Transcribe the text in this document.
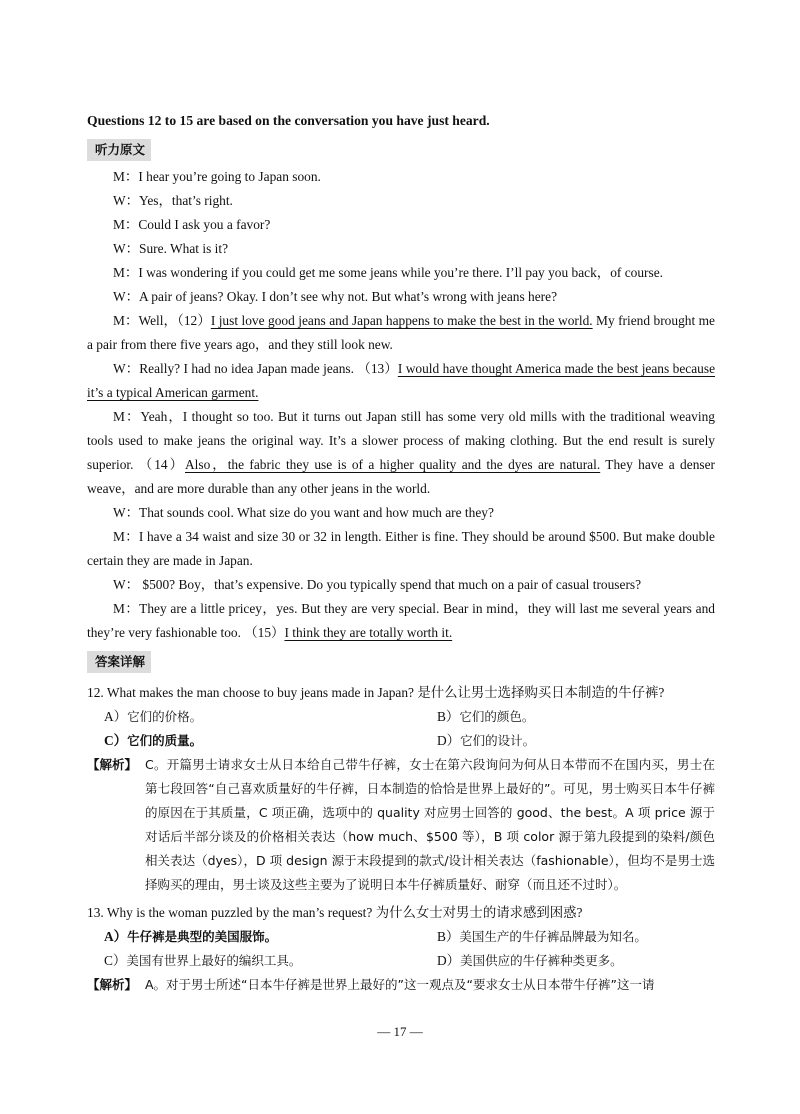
Questions 12 to 15 are based on the conversation you have just heard.
听力原文

M：I hear you’re going to Japan soon.

W：Yes，that’s right.

M：Could I ask you a favor?

W：Sure. What is it?

M：I was wondering if you could get me some jeans while you’re there. I’ll pay you back，of course.

W：A pair of jeans? Okay. I don’t see why not. But what’s wrong with jeans here?

M：Well，（12）I just love good jeans and Japan happens to make the best in the world. My friend brought me a pair from there five years ago，and they still look new.

W：Really? I had no idea Japan made jeans. （13）I would have thought America made the best jeans because it’s a typical American garment.

M：Yeah，I thought so too. But it turns out Japan still has some very old mills with the traditional weaving tools used to make jeans the original way. It’s a slower process of making clothing. But the end result is surely superior. （14）Also，the fabric they use is of a higher quality and the dyes are natural. They have a denser weave，and are more durable than any other jeans in the world.

W：That sounds cool. What size do you want and how much are they?

M：I have a 34 waist and size 30 or 32 in length. Either is fine. They should be around $500. But make double certain they are made in Japan.

W： $500? Boy，that’s expensive. Do you typically spend that much on a pair of casual trousers?

M：They are a little pricey，yes. But they are very special. Bear in mind，they will last me several years and they’re very fashionable too. （15）I think they are totally worth it.

答案详解
12. What makes the man choose to buy jeans made in Japan? 是什么让男士选择购买日本制造的牛仔裤?
A）它们的价格。	B）它们的颜色。
C）它们的质量。	D）它们的设计。
【解析】 C。开篇男士请求女士从日本给自己带牛仔裤，女士在第六段询问为何从日本带而不在国内买，男士在第七段回答“自己喜欢质量好的牛仔裤，日本制造的恰恰是世界上最好的”。可见，男士购买日本牛仔裤的原因在于其质量，C 项正确，选项中的 quality 对应男士回答的 good、the best。A 项 price 源于对话后半部分谈及的价格相关表达（how much、$500 等），B 项 color 源于第九段提到的染料/颜色相关表达（dyes），D 项 design 源于末段提到的款式/设计相关表达（fashionable），但均不是男士选择购买的理由，男士谈及这些主要为了说明日本牛仔裤质量好、耐穿（而且还不过时）。
13. Why is the woman puzzled by the man’s request? 为什么女士对男士的请求感到困惑?
A）牛仔裤是典型的美国服饰。	B）美国生产的牛仔裤品牌最为知名。
C）美国有世界上最好的编织工具。	D）美国供应的牛仔裤种类更多。
【解析】 A。对于男士所述“日本牛仔裤是世界上最好的”这一观点及“要求女士从日本带牛仔裤”这一请
— 17 —
